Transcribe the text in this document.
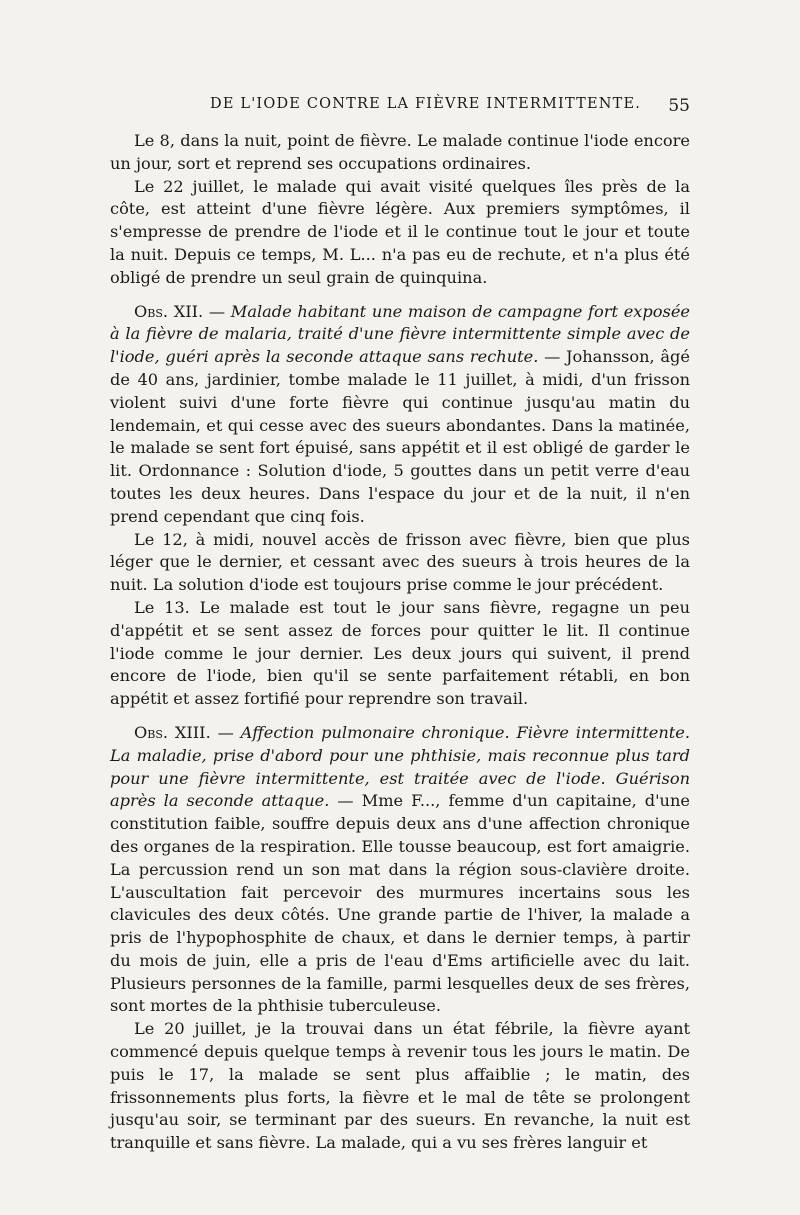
DE L'IODE CONTRE LA FIÈVRE INTERMITTENTE. 55

Le 8, dans la nuit, point de fièvre. Le malade continue l'iode encore un jour, sort et reprend ses occupations ordinaires.

Le 22 juillet, le malade qui avait visité quelques îles près de la côte, est atteint d'une fièvre légère. Aux premiers symptômes, il s'empresse de prendre de l'iode et il le continue tout le jour et toute la nuit. Depuis ce temps, M. L... n'a pas eu de rechute, et n'a plus été obligé de prendre un seul grain de quinquina.

Obs. XII. — Malade habitant une maison de campagne fort exposée à la fièvre de malaria, traité d'une fièvre intermittente simple avec de l'iode, guéri après la seconde attaque sans rechute. — Johansson, âgé de 40 ans, jardinier, tombe malade le 11 juillet, à midi, d'un frisson violent suivi d'une forte fièvre qui continue jusqu'au matin du lendemain, et qui cesse avec des sueurs abondantes. Dans la matinée, le malade se sent fort épuisé, sans appétit et il est obligé de garder le lit. Ordonnance : Solution d'iode, 5 gouttes dans un petit verre d'eau toutes les deux heures. Dans l'espace du jour et de la nuit, il n'en prend cependant que cinq fois.

Le 12, à midi, nouvel accès de frisson avec fièvre, bien que plus léger que le dernier, et cessant avec des sueurs à trois heures de la nuit. La solution d'iode est toujours prise comme le jour précédent.

Le 13. Le malade est tout le jour sans fièvre, regagne un peu d'appétit et se sent assez de forces pour quitter le lit. Il continue l'iode comme le jour dernier. Les deux jours qui suivent, il prend encore de l'iode, bien qu'il se sente parfaitement rétabli, en bon appétit et assez fortifié pour reprendre son travail.

Obs. XIII. — Affection pulmonaire chronique. Fièvre intermittente. La maladie, prise d'abord pour une phthisie, mais reconnue plus tard pour une fièvre intermittente, est traitée avec de l'iode. Guérison après la seconde attaque. — Mme F..., femme d'un capitaine, d'une constitution faible, souffre depuis deux ans d'une affection chronique des organes de la respiration. Elle tousse beaucoup, est fort amaigrie. La percussion rend un son mat dans la région sous-clavière droite. L'auscultation fait percevoir des murmures incertains sous les clavicules des deux côtés. Une grande partie de l'hiver, la malade a pris de l'hypophosphite de chaux, et dans le dernier temps, à partir du mois de juin, elle a pris de l'eau d'Ems artificielle avec du lait. Plusieurs personnes de la famille, parmi lesquelles deux de ses frères, sont mortes de la phthisie tuberculeuse.

Le 20 juillet, je la trouvai dans un état fébrile, la fièvre ayant commencé depuis quelque temps à revenir tous les jours le matin. De puis le 17, la malade se sent plus affaiblie ; le matin, des frissonnements plus forts, la fièvre et le mal de tête se prolongent jusqu'au soir, se terminant par des sueurs. En revanche, la nuit est tranquille et sans fièvre. La malade, qui a vu ses frères languir et
